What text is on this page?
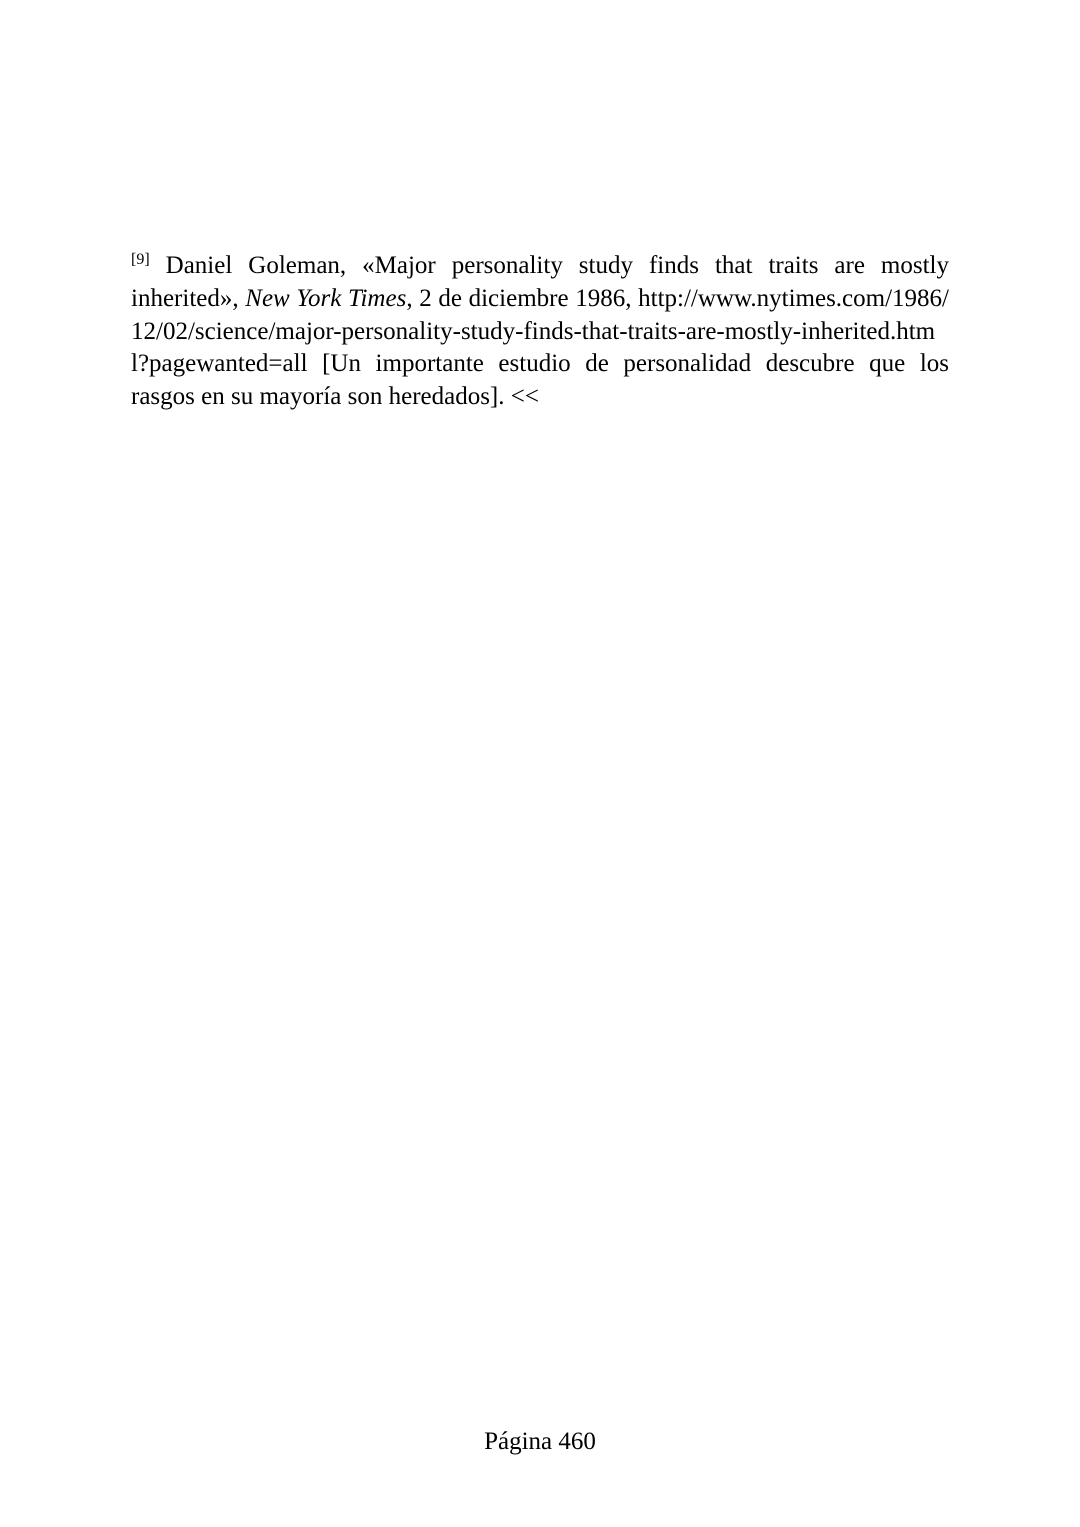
[9] Daniel Goleman, «Major personality study finds that traits are mostly inherited», New York Times, 2 de diciembre 1986, http://www.nytimes.com/1986/12/02/science/major-personality-study-finds-that-traits-are-mostly-inherited.html?pagewanted=all [Un importante estudio de personalidad descubre que los rasgos en su mayoría son heredados]. <<

Página 460
